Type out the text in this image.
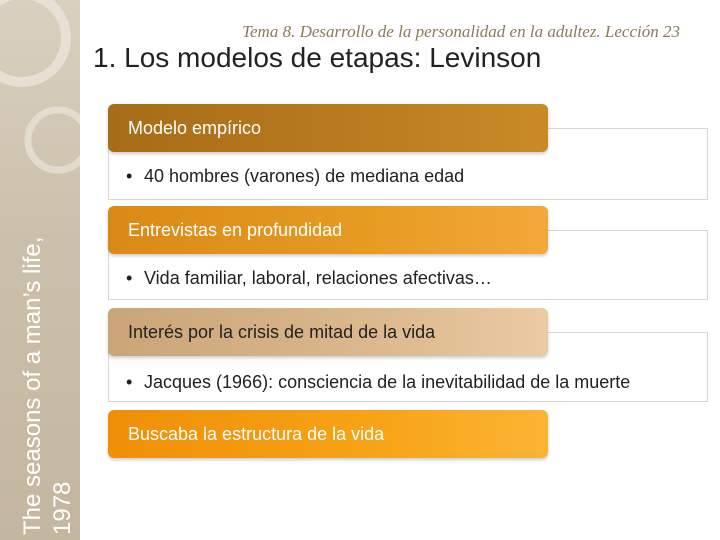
The seasons of a man’s life, 1978
Tema 8. Desarrollo de la personalidad en la adultez. Lección 23
1. Los modelos de etapas: Levinson
• 40 hombres (varones) de mediana edad
• Vida familiar, laboral, relaciones afectivas…
• Jacques (1966): consciencia de la inevitabilidad de la muerte
Modelo empírico
Entrevistas en profundidad
Interés por la crisis de mitad de la vida
Buscaba la estructura de la vida
